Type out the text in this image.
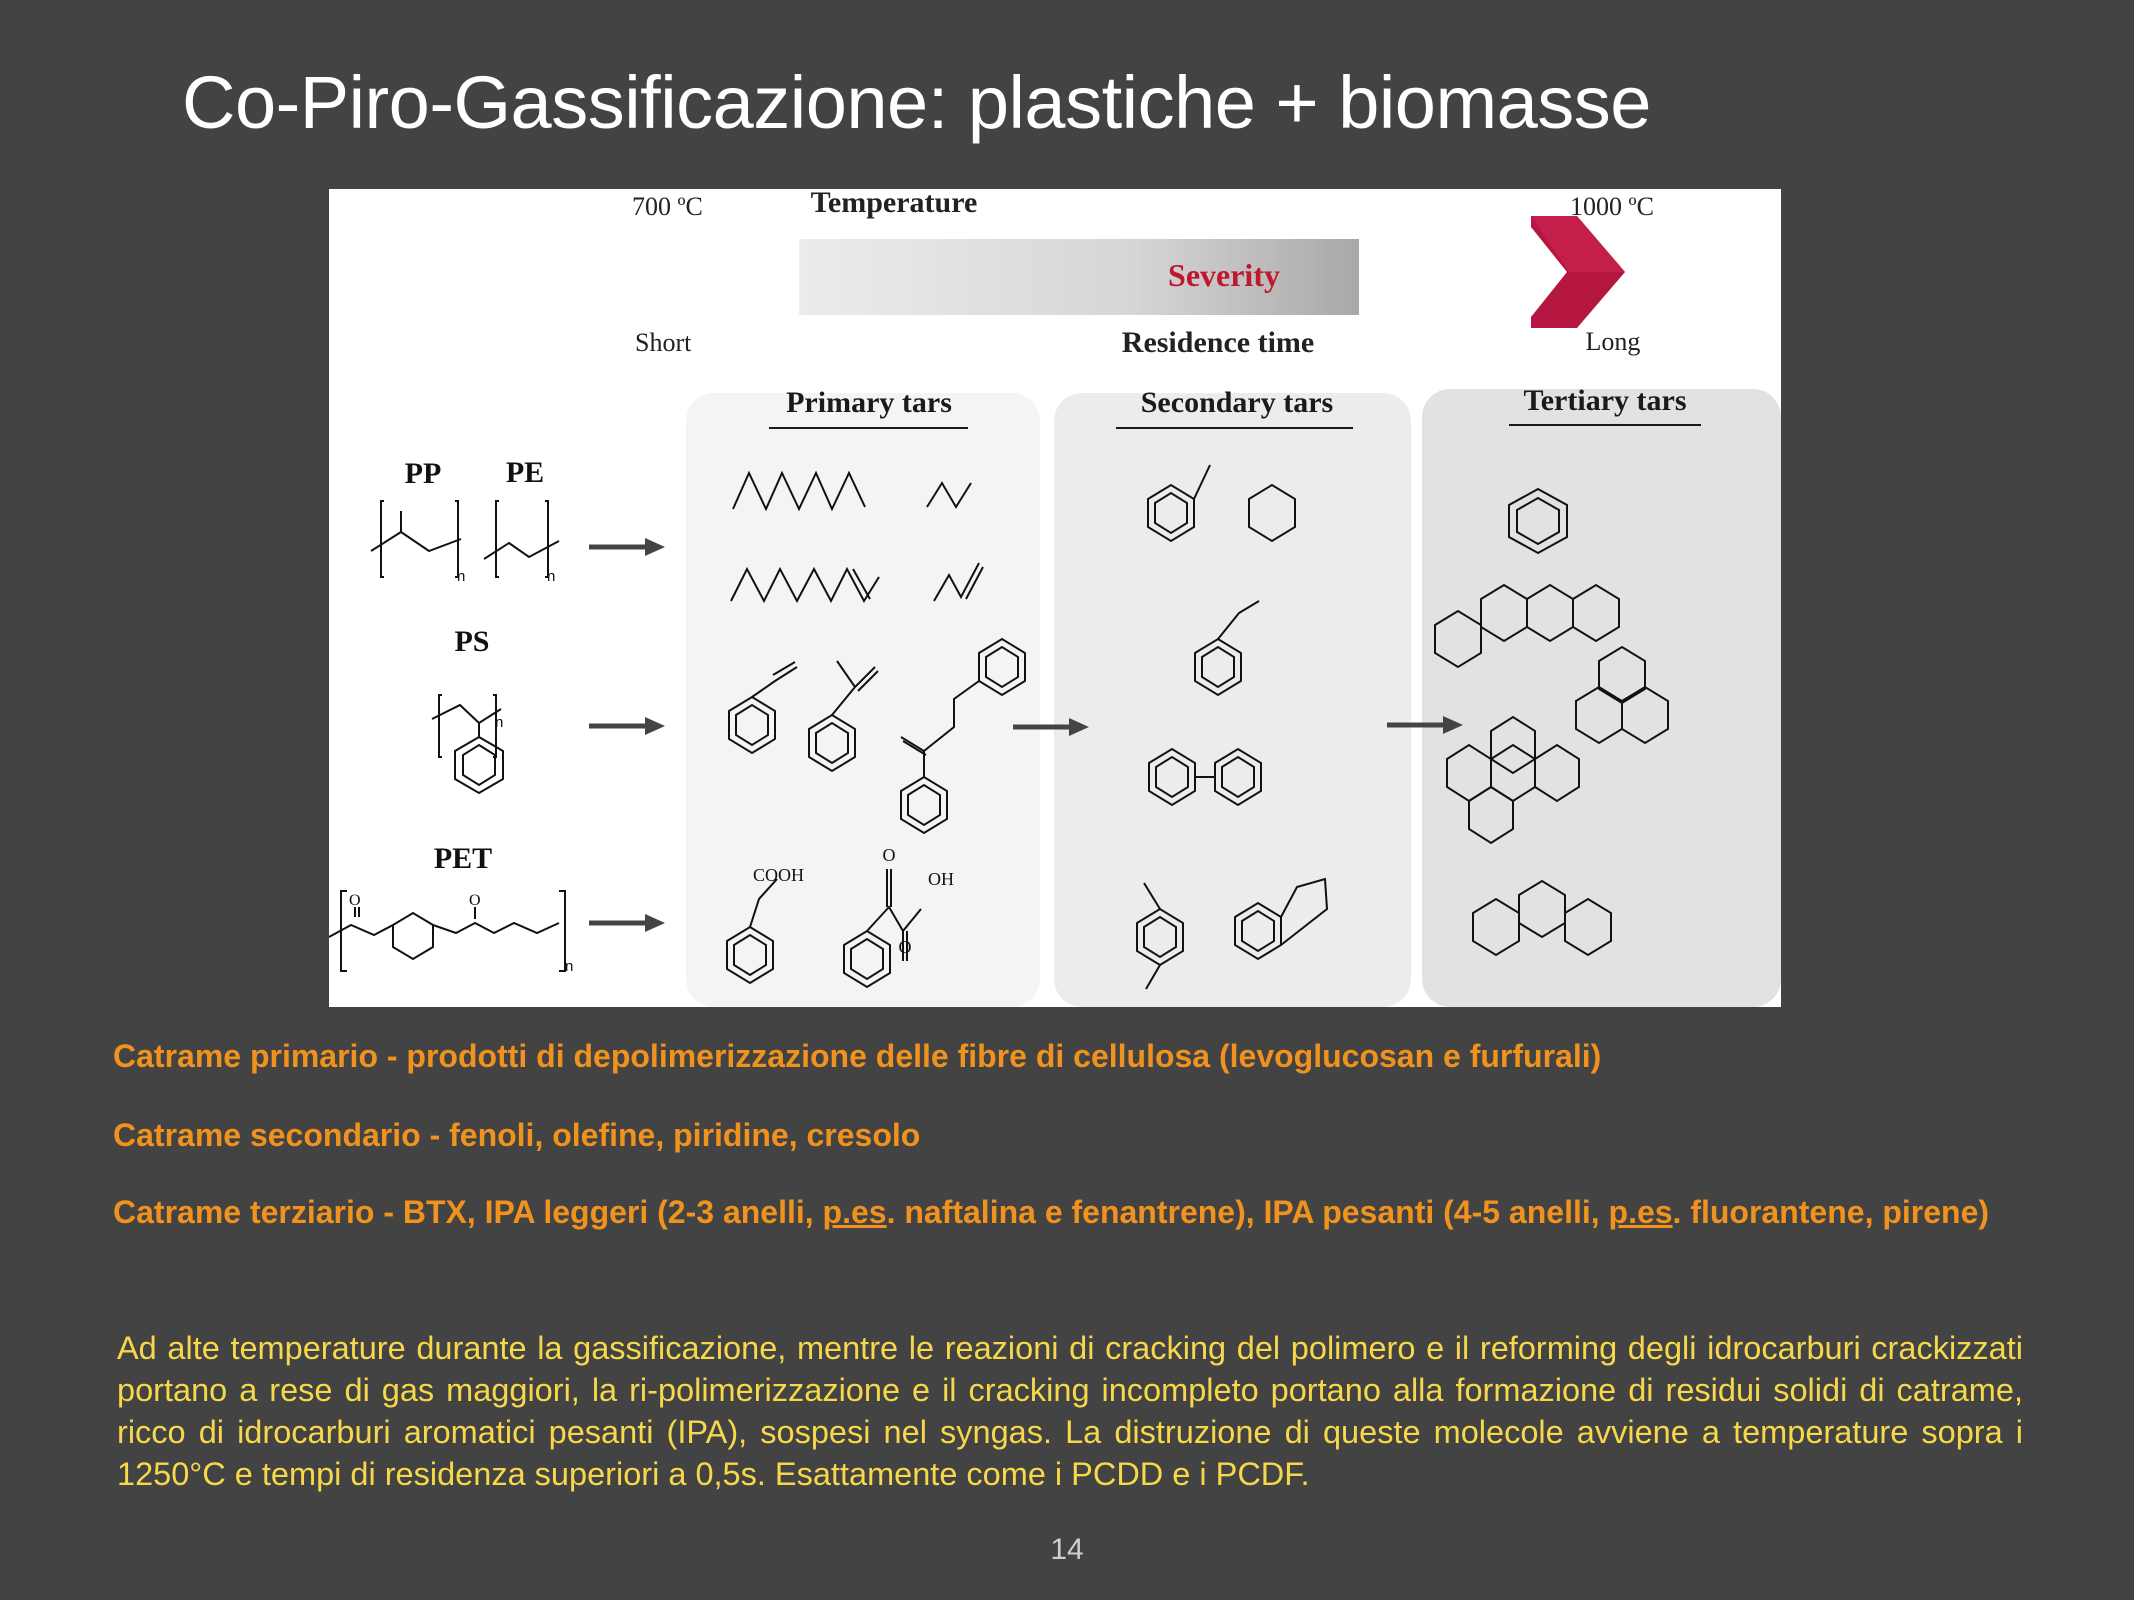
Co-Piro-Gassificazione: plastiche + biomasse
700 ºC	Temperature	1000 ºC
Severity
Short	Residence time	Long
Primary tars	Secondary tars	Tertiary tars
PP PE
PS
PET
n	n
n
n
O	O
COOH	OH
O
O
Catrame primario - prodotti di depolimerizzazione delle fibre di cellulosa (levoglucosan e furfurali)
Catrame secondario - fenoli, olefine, piridine, cresolo
Catrame terziario - BTX, IPA leggeri (2-3 anelli, p.es. naftalina e fenantrene), IPA pesanti (4-5 anelli, p.es. fluorantene, pirene)
Ad alte temperature durante la gassificazione, mentre le reazioni di cracking del polimero e il reforming degli idrocarburi crackizzati portano a rese di gas maggiori, la ri-polimerizzazione e il cracking incompleto portano alla formazione di residui solidi di catrame, ricco di idrocarburi aromatici pesanti (IPA), sospesi nel syngas. La distruzione di queste molecole avviene a temperature sopra i 1250°C e tempi di residenza superiori a 0,5s. Esattamente come i PCDD e i PCDF.
14
